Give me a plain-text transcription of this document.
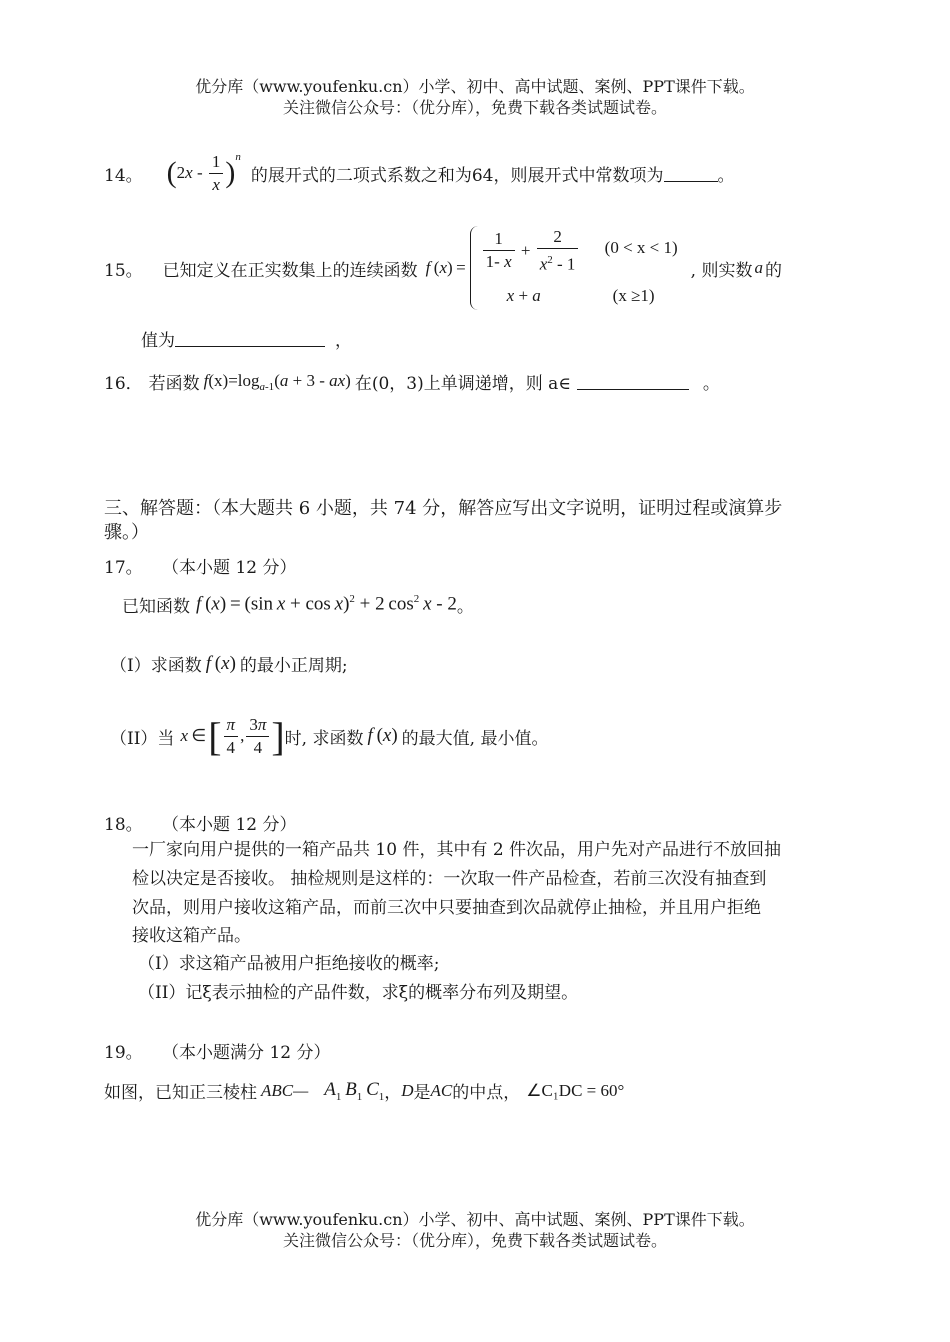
优分库（www.youfenku.cn）小学、初中、高中试题、案例、PPT课件下载。
关注微信公众号：（优分库），免费下载各类试题试卷。
14。 ( 2 x - $\frac{1}{x} )^n$
的展开式的二项式系数之和为64，则展开式中常数项为	。
15。 已知定义在正实数集上的连续函数 f $(x) = \frac{1}{1- x} + \frac{2}{x^2 - 1} (0 < x < 1)$
x + a	(x ≥1)
, 则实数 a 的
值为	，
16． 若函数 $f(x)=\log_{a-1}(a + 3 - ax)$ 在(0，3)上单调递增，则 a∈	。
三、解答题：（本大题共 6 小题，共 74 分，解答应写出文字说明，证明过程或演算步
骤。）
17。 （本小题 12 分）
已知函数 f (x) = (sin x + cos x)$^2$ + 2 $\cos^2 x - 2$ 。
（I）求函数 f (x) 的最小正周期;
（II）当 x  ∈ [ $\frac{\pi}{4}$ , $\frac{3\pi}{4}$ ] 时, 求函数 f (x) 的最大值, 最小值。
18。 （本小题 12 分）
一厂家向用户提供的一箱产品共 10 件，其中有 2 件次品，用户先对产品进行不放回抽
检以决定是否接收。 抽检规则是这样的：一次取一件产品检查，若前三次没有抽查到
次品，则用户接收这箱产品，而前三次中只要抽查到次品就停止抽检，并且用户拒绝
接收这箱产品。
（I）求这箱产品被用户拒绝接收的概率;
（II）记ξ表示抽检的产品件数，求ξ的概率分布列及期望。
19。 （本小题满分 12 分）
如图，已知正三棱柱 ABC— $A_1$  $B_1$  $C_1$ ， D 是 AC 的中点， ∠C₁DC = 60°
优分库（www.youfenku.cn）小学、初中、高中试题、案例、PPT课件下载。
关注微信公众号：（优分库），免费下载各类试题试卷。
